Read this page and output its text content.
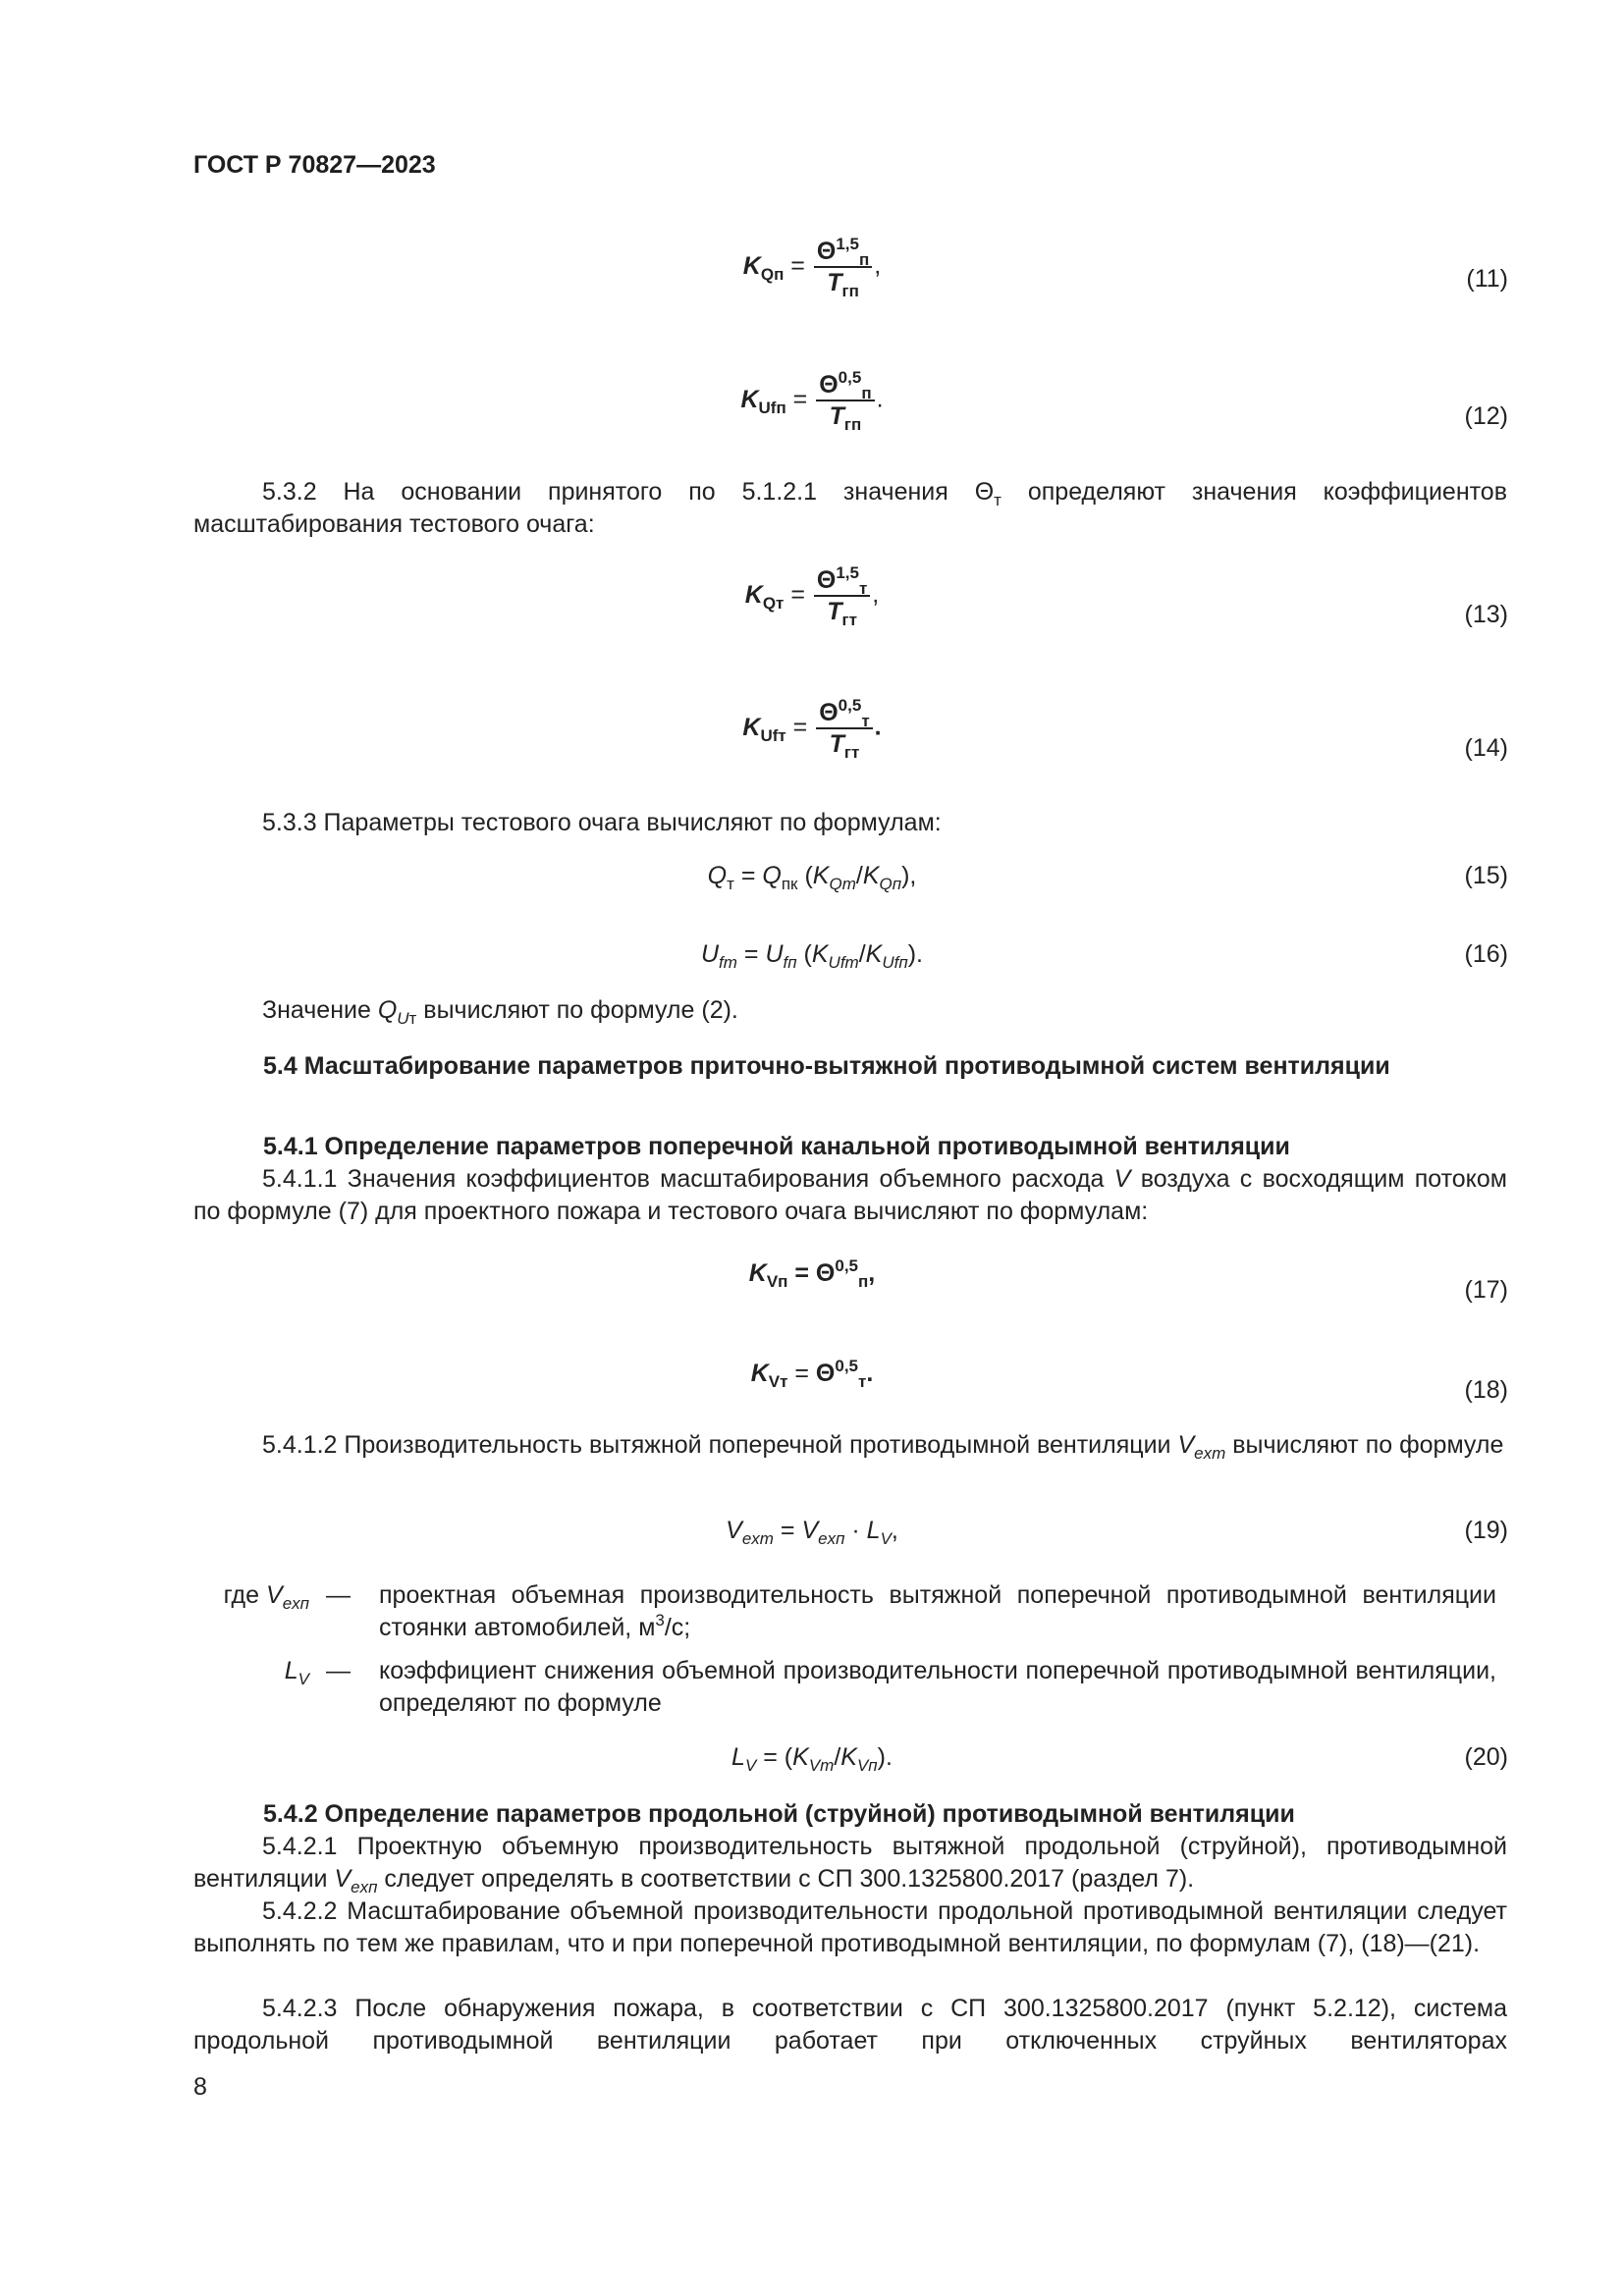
ГОСТ Р 70827—2023
$K_{Qп} = \frac{\Theta^{1,5}_п}{T_{гп}}$ ,	(11)
$K_{Ufп} = \frac{\Theta^{0,5}_п}{T_{гп}}$ .
(12)
5.3.2 На основании принятого по 5.1.2.1 значения $\Theta_т$ определяют значения коэффициентов масштабирования тестового очага:
$K_{Qт} = \frac{\Theta^{1,5}_т}{T_{гт}}$ ,
(13)
$K_{Ufт} = \frac{\Theta^{0,5}_т}{T_{гт}}$ .
(14)
5.3.3 Параметры тестового очага вычисляют по формулам:
$Q_т = Q_{пк}$ $(K_{Qт}/K_{Qп})$,	(15)
$U_{fт} = U_{fп}$ $(K_{Ufт}/K_{Ufп})$.	(16)
Значение $Q_{Uт}$ вычисляют по формуле (2).
5.4 Масштабирование параметров приточно-вытяжной противодымной систем вентиляции
5.4.1 Определение параметров поперечной канальной противодымной вентиляции
5.4.1.1 Значения коэффициентов масштабирования объемного расхода V воздуха с восходящим потоком по формуле (7) для проектного пожара и тестового очага вычисляют по формулам:
$K_{Vп} = \Theta^{0,5}_п$,
(17)
$K_{Vт} = \Theta^{0,5}_т$.
(18)
5.4.1.2 Производительность вытяжной поперечной противодымной вентиляции $V_{exт}$ вычисляют по формуле
$V_{exт} = V_{exп} \cdot L_V$,	(19)
где $V_{exп}$ — проектная объемная производительность вытяжной поперечной противодымной вентиляции стоянки автомобилей, $м^3/с$;
$L_V$ — коэффициент снижения объемной производительности поперечной противодымной вентиляции, определяют по формуле
$L_V = (K_{Vт}/K_{Vп})$.	(20)
5.4.2 Определение параметров продольной (струйной) противодымной вентиляции
5.4.2.1 Проектную объемную производительность вытяжной продольной (струйной), противодымной вентиляции $V_{exп}$ следует определять в соответствии с СП 300.1325800.2017 (раздел 7).
5.4.2.2 Масштабирование объемной производительности продольной противодымной вентиляции следует выполнять по тем же правилам, что и при поперечной противодымной вентиляции, по формулам (7), (18)—(21).
5.4.2.3 После обнаружения пожара, в соответствии с СП 300.1325800.2017 (пункт 5.2.12), система продольной противодымной вентиляции работает при отключенных струйных вентиляторах
8
